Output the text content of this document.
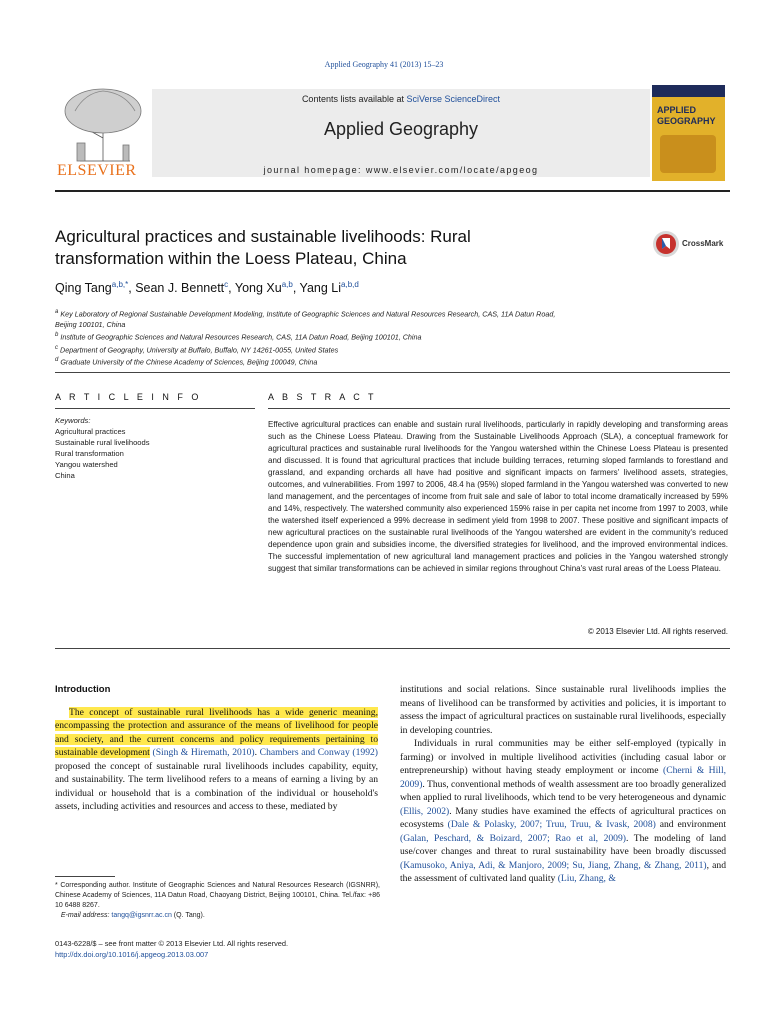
Applied Geography 41 (2013) 15–23
ELSEVIER
Contents lists available at SciVerse ScienceDirect
Applied Geography
journal homepage: www.elsevier.com/locate/apgeog
APPLIED
GEOGRAPHY
Agricultural practices and sustainable livelihoods: Rural
transformation within the Loess Plateau, China
CrossMark
Qing Tang$^{a,b,*}$, Sean J. Bennett$^c$, Yong Xu$^{a,b}$, Yang Li$^{a,b,d}$
$^a$ Key Laboratory of Regional Sustainable Development Modeling, Institute of Geographic Sciences and Natural Resources Research, CAS, 11A Datun Road,
Beijing 100101, China
$^b$ Institute of Geographic Sciences and Natural Resources Research, CAS, 11A Datun Road, Beijing 100101, China
$^c$ Department of Geography, University at Buffalo, Buffalo, NY 14261-0055, United States
$^d$ Graduate University of the Chinese Academy of Sciences, Beijing 100049, China
A R T I C L E I N F O	A B S T R A C T
Keywords:
Agricultural practices
Sustainable rural livelihoods
Rural transformation
Yangou watershed
China
Effective agricultural practices can enable and sustain rural livelihoods, particularly in rapidly developing and transforming areas such as the Chinese Loess Plateau. Drawing from the Sustainable Livelihoods Approach (SLA), a conceptual framework for agricultural practices and sustainable rural livelihoods for the Yangou watershed within the Chinese Loess Plateau is presented and discussed. It is found that agricultural practices that include building terraces, returning sloped farmlands to forestland and grassland, and expanding orchards all have had positive and significant impacts on farmers' livelihood assets, strategies, outcomes, and vulnerabilities. From 1997 to 2006, 48.4 ha (95%) sloped farmland in the Yangou watershed was converted to new land management, and the percentages of income from fruit sale and sale of labor to total income dramatically increased by 59% and 14%, respectively. The watershed community also experienced 159% raise in per capita net income from 1997 to 2003, while the watershed itself experienced a 99% decrease in sediment yield from 1998 to 2007. These positive and significant impacts of new agricultural practices on the sustainable rural livelihoods of the Yangou watershed are evident in the community's reduced dependence upon grain and subsidies income, the diversified strategies for livelihood, and the improved environmental indices. The successful implementation of new agricultural land management practices and policies in the Yangou watershed strongly suggest that similar transformations can be achieved in similar regions throughout China's vast rural areas of the Loess Plateau.
© 2013 Elsevier Ltd. All rights reserved.
Introduction

The concept of sustainable rural livelihoods has a wide generic meaning, encompassing the protection and assurance of the means of livelihood for people and society, and the current concerns and policy requirements pertaining to sustainable development (Singh & Hiremath, 2010). Chambers and Conway (1992) proposed the concept of sustainable rural livelihoods includes capability, equity, and sustainability. The term livelihood refers to a means of earning a living by an individual or household that is a combination of the individual or household's assets, including activities and resources and access to these, mediated by

* Corresponding author. Institute of Geographic Sciences and Natural Resources Research (IGSNRR), Chinese Academy of Sciences, 11A Datun Road, Chaoyang District, Beijing 100101, China. Tel./fax: +86 10 6488 8267.
E-mail address: tangq@igsnrr.ac.cn (Q. Tang).
0143-6228/$ – see front matter © 2013 Elsevier Ltd. All rights reserved.
http://dx.doi.org/10.1016/j.apgeog.2013.03.007

institutions and social relations. Since sustainable rural livelihoods implies the means of livelihood can be transformed by activities and policies, it is important to assess the impact of agricultural practices on sustainable rural livelihoods, especially in developing countries.

Individuals in rural communities may be either self-employed (typically in farming) or involved in multiple livelihood activities (including casual labor or entrepreneurship) without having steady employment or income (Cherni & Hill, 2009). Thus, conventional methods of wealth assessment are too broadly generalized when applied to rural livelihoods, which tend to be very heterogeneous and dynamic (Ellis, 2002). Many studies have examined the effects of agricultural practices on ecosystems (Dale & Polasky, 2007; Truu, Truu, & Ivask, 2008) and environment (Galan, Peschard, & Boizard, 2007; Rao et al, 2009). The modeling of land use/cover changes and threat to rural sustainability have been broadly discussed (Kamusoko, Aniya, Adi, & Manjoro, 2009; Su, Jiang, Zhang, & Zhang, 2011), and the assessment of cultivated land quality (Liu, Zhang, &
